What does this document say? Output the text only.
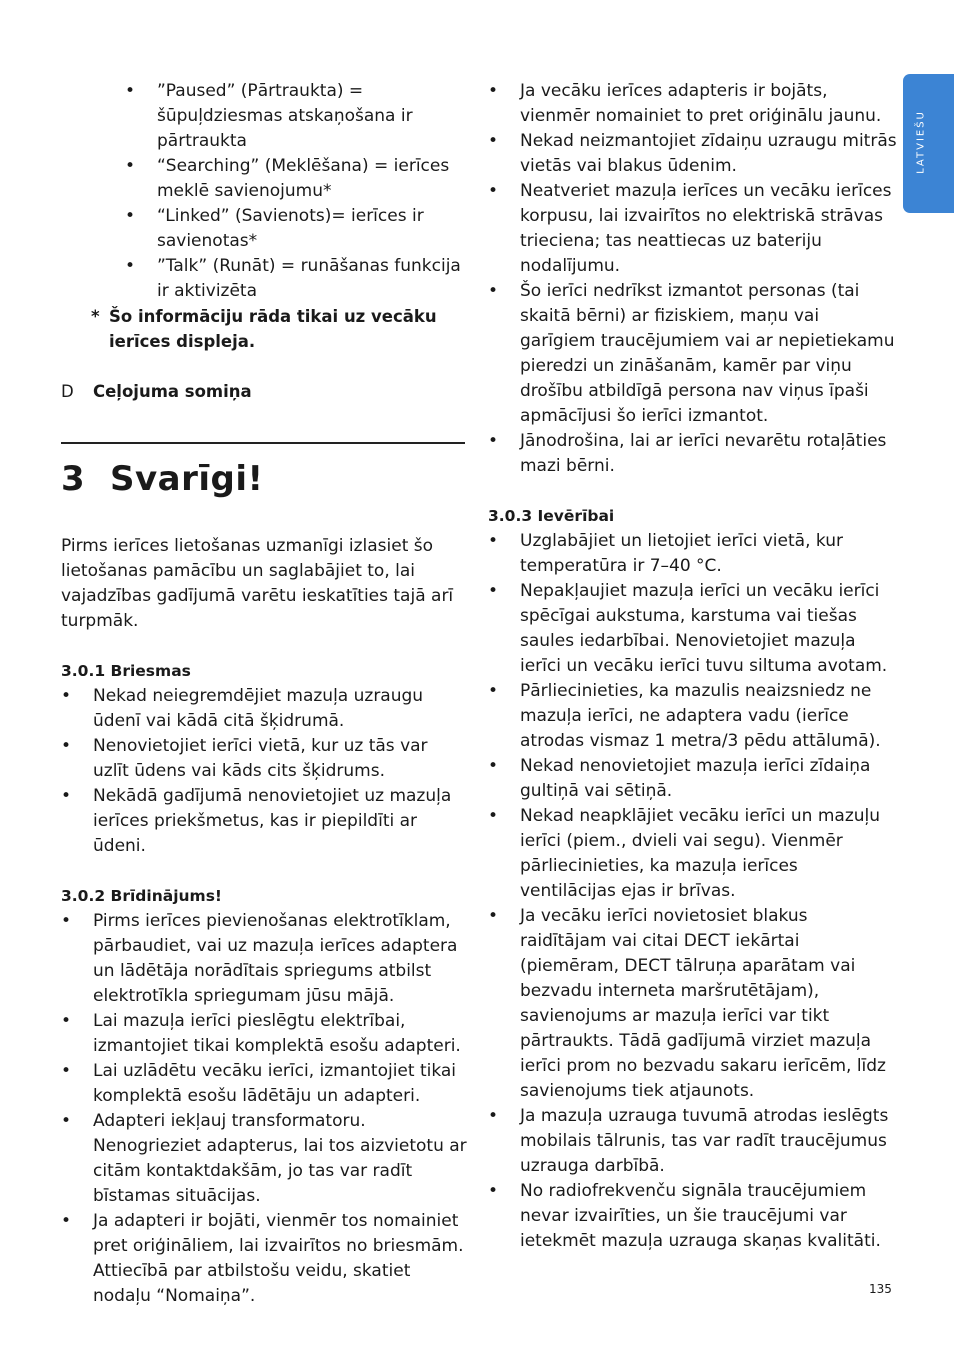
LATVIEŠU
•	”Paused” (Pārtraukta) = šūpuļdziesmas atskaņošana ir pārtraukta
•	“Searching” (Meklēšana) = ierīces meklē savienojumu*
•	“Linked” (Savienots)= ierīces ir savienotas*
•	”Talk” (Runāt) = runāšanas funkcija ir aktivizēta
* Šo informāciju rāda tikai uz vecāku ierīces displeja.
D Ceļojuma somiņa
3 Svarīgi!

Pirms ierīces lietošanas uzmanīgi izlasiet šo lietošanas pamācību un saglabājiet to, lai vajadzības gadījumā varētu ieskatīties tajā arī turpmāk.

3.0.1 Briesmas
•	Nekad neiegremdējiet mazuļa uzraugu ūdenī vai kādā citā šķidrumā.
•	Nenovietojiet ierīci vietā, kur uz tās var uzlīt ūdens vai kāds cits šķidrums.
•	Nekādā gadījumā nenovietojiet uz mazuļa ierīces priekšmetus, kas ir piepildīti ar ūdeni.
3.0.2 Brīdinājums!
•	Pirms ierīces pievienošanas elektrotīklam, pārbaudiet, vai uz mazuļa ierīces adaptera un lādētāja norādītais spriegums atbilst elektrotīkla spriegumam jūsu mājā.
•	Lai mazuļa ierīci pieslēgtu elektrībai, izmantojiet tikai komplektā esošu adapteri.
•	Lai uzlādētu vecāku ierīci, izmantojiet tikai komplektā esošu lādētāju un adapteri.
•	Adapteri iekļauj transformatoru. Nenogrieziet adapterus, lai tos aizvietotu ar citām kontaktdakšām, jo tas var radīt bīstamas situācijas.
•	Ja adapteri ir bojāti, vienmēr tos nomainiet pret oriģināliem, lai izvairītos no briesmām. Attiecībā par atbilstošu veidu, skatiet nodaļu “Nomaiņa”.
•	Ja vecāku ierīces adapteris ir bojāts, vienmēr nomainiet to pret oriģinālu jaunu.
•	Nekad neizmantojiet zīdaiņu uzraugu mitrās vietās vai blakus ūdenim.
•	Neatveriet mazuļa ierīces un vecāku ierīces korpusu, lai izvairītos no elektriskā strāvas trieciena; tas neattiecas uz bateriju nodalījumu.
•	Šo ierīci nedrīkst izmantot personas (tai skaitā bērni) ar fiziskiem, maņu vai garīgiem traucējumiem vai ar nepietiekamu pieredzi un zināšanām, kamēr par viņu drošību atbildīgā persona nav viņus īpaši apmācījusi šo ierīci izmantot.
•	Jānodrošina, lai ar ierīci nevarētu rotaļāties mazi bērni.
3.0.3 Ievērībai
•	Uzglabājiet un lietojiet ierīci vietā, kur temperatūra ir 7–40 °C.
•	Nepakļaujiet mazuļa ierīci un vecāku ierīci spēcīgai aukstuma, karstuma vai tiešas saules iedarbībai. Nenovietojiet mazuļa ierīci un vecāku ierīci tuvu siltuma avotam.
•	Pārliecinieties, ka mazulis neaizsniedz ne mazuļa ierīci, ne adaptera vadu (ierīce atrodas vismaz 1 metra/3 pēdu attālumā).
•	Nekad nenovietojiet mazuļa ierīci zīdaiņa gultiņā vai sētiņā.
•	Nekad neapklājiet vecāku ierīci un mazuļu ierīci (piem., dvieli vai segu). Vienmēr pārliecinieties, ka mazuļa ierīces ventilācijas ejas ir brīvas.
•	Ja vecāku ierīci novietosiet blakus raidītājam vai citai DECT iekārtai (piemēram, DECT tālruņa aparātam vai bezvadu interneta maršrutētājam), savienojums ar mazuļa ierīci var tikt pārtraukts. Tādā gadījumā virziet mazuļa ierīci prom no bezvadu sakaru ierīcēm, līdz savienojums tiek atjaunots.
•	Ja mazuļa uzrauga tuvumā atrodas ieslēgts mobilais tālrunis, tas var radīt traucējumus uzrauga darbībā.
•	No radiofrekvenču signāla traucējumiem nevar izvairīties, un šie traucējumi var ietekmēt mazuļa uzrauga skaņas kvalitāti.
135
